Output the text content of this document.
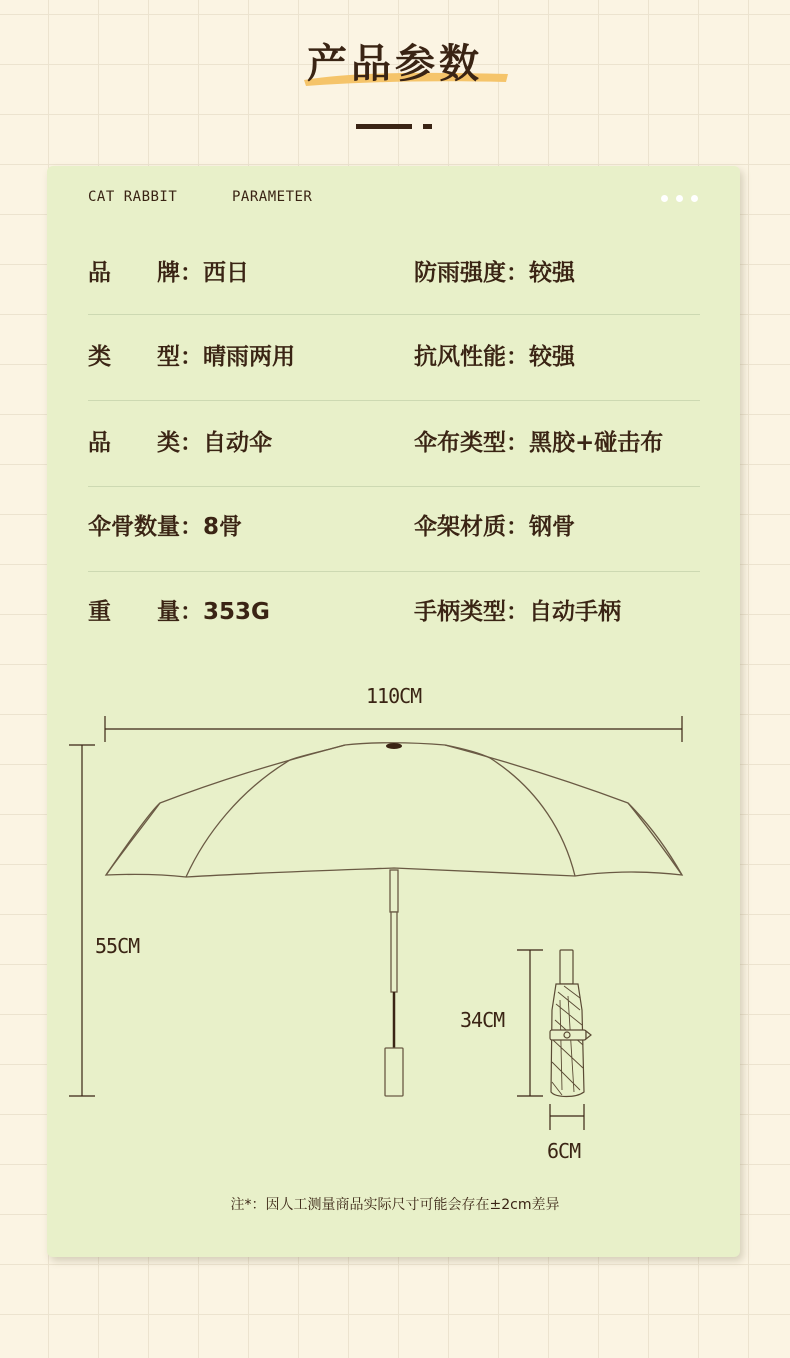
产品参数
CAT RABBIT	PARAMETER
品　　牌：西日	防雨强度：较强
类　　型：晴雨两用	抗风性能：较强
品　　类：自动伞	伞布类型：黑胶+碰击布
伞骨数量：8骨	伞架材质：钢骨
重　　量：353G	手柄类型：自动手柄
110CM
55CM
34CM
6CM
注*：因人工测量商品实际尺寸可能会存在±2cm差异
